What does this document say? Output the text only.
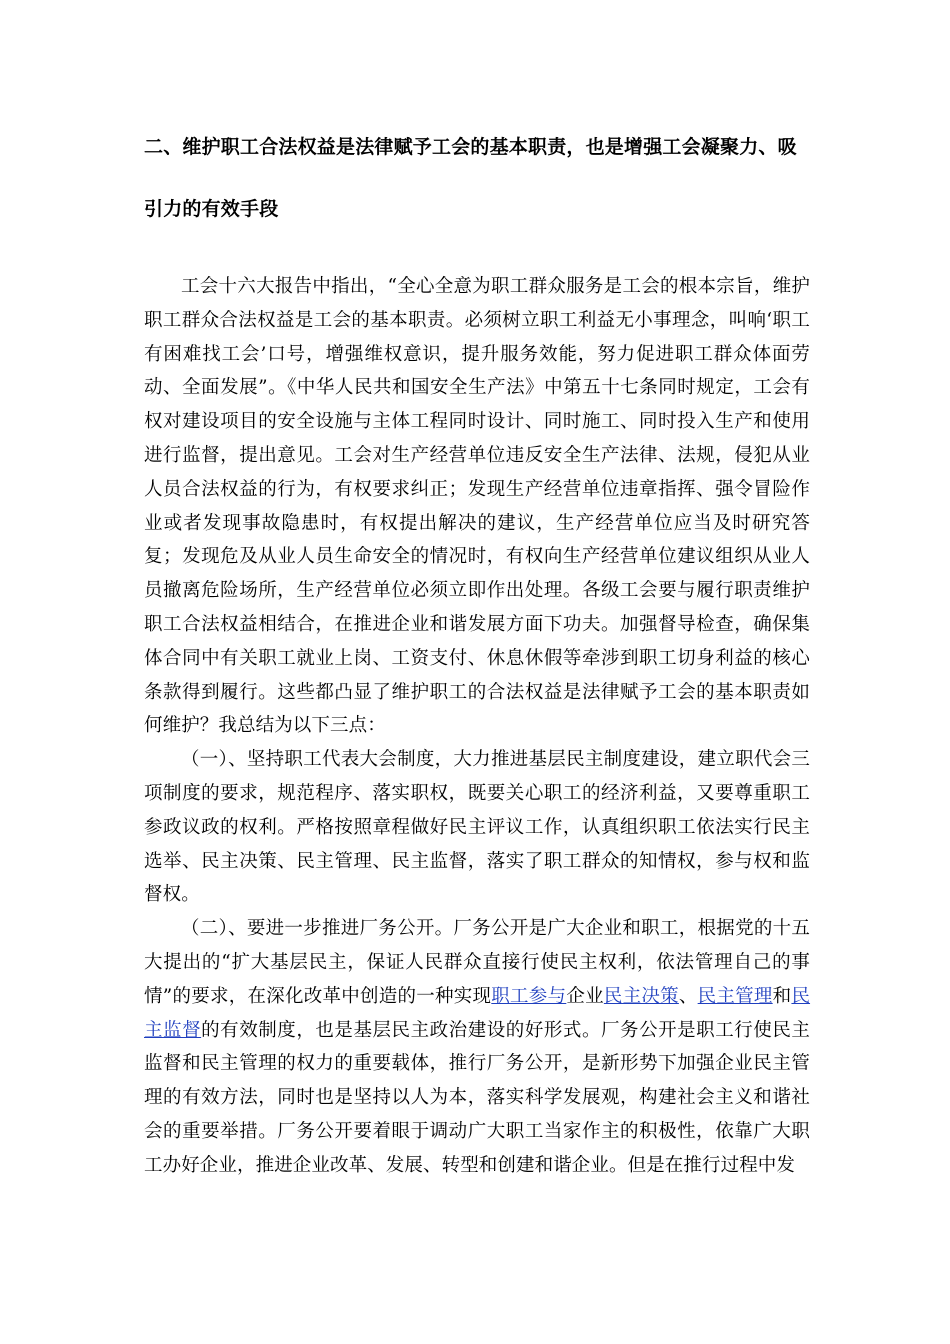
二、维护职工合法权益是法律赋予工会的基本职责，也是增强工会凝聚力、吸引力的有效手段

工会十六大报告中指出，“全心全意为职工群众服务是工会的根本宗旨，维护职工群众合法权益是工会的基本职责。必须树立职工利益无小事理念，叫响‘职工有困难找工会’口号，增强维权意识，提升服务效能，努力促进职工群众体面劳动、全面发展”。《中华人民共和国安全生产法》中第五十七条同时规定，工会有权对建设项目的安全设施与主体工程同时设计、同时施工、同时投入生产和使用进行监督，提出意见。工会对生产经营单位违反安全生产法律、法规，侵犯从业人员合法权益的行为，有权要求纠正；发现生产经营单位违章指挥、强令冒险作业或者发现事故隐患时，有权提出解决的建议，生产经营单位应当及时研究答复；发现危及从业人员生命安全的情况时，有权向生产经营单位建议组织从业人员撤离危险场所，生产经营单位必须立即作出处理。各级工会要与履行职责维护职工合法权益相结合，在推进企业和谐发展方面下功夫。加强督导检查，确保集体合同中有关职工就业上岗、工资支付、休息休假等牵涉到职工切身利益的核心条款得到履行。这些都凸显了维护职工的合法权益是法律赋予工会的基本职责如何维护？我总结为以下三点：

（一）、坚持职工代表大会制度，大力推进基层民主制度建设，建立职代会三项制度的要求，规范程序、落实职权，既要关心职工的经济利益，又要尊重职工参政议政的权利。严格按照章程做好民主评议工作，认真组织职工依法实行民主选举、民主决策、民主管理、民主监督，落实了职工群众的知情权，参与权和监督权。

（二）、要进一步推进厂务公开。厂务公开是广大企业和职工，根据党的十五大提出的“扩大基层民主，保证人民群众直接行使民主权利，依法管理自己的事情”的要求，在深化改革中创造的一种实现职工参与企业民主决策、民主管理和民主监督的有效制度，也是基层民主政治建设的好形式。厂务公开是职工行使民主监督和民主管理的权力的重要载体，推行厂务公开，是新形势下加强企业民主管理的有效方法，同时也是坚持以人为本，落实科学发展观，构建社会主义和谐社会的重要举措。厂务公开要着眼于调动广大职工当家作主的积极性，依靠广大职工办好企业，推进企业改革、发展、转型和创建和谐企业。但是在推行过程中发
